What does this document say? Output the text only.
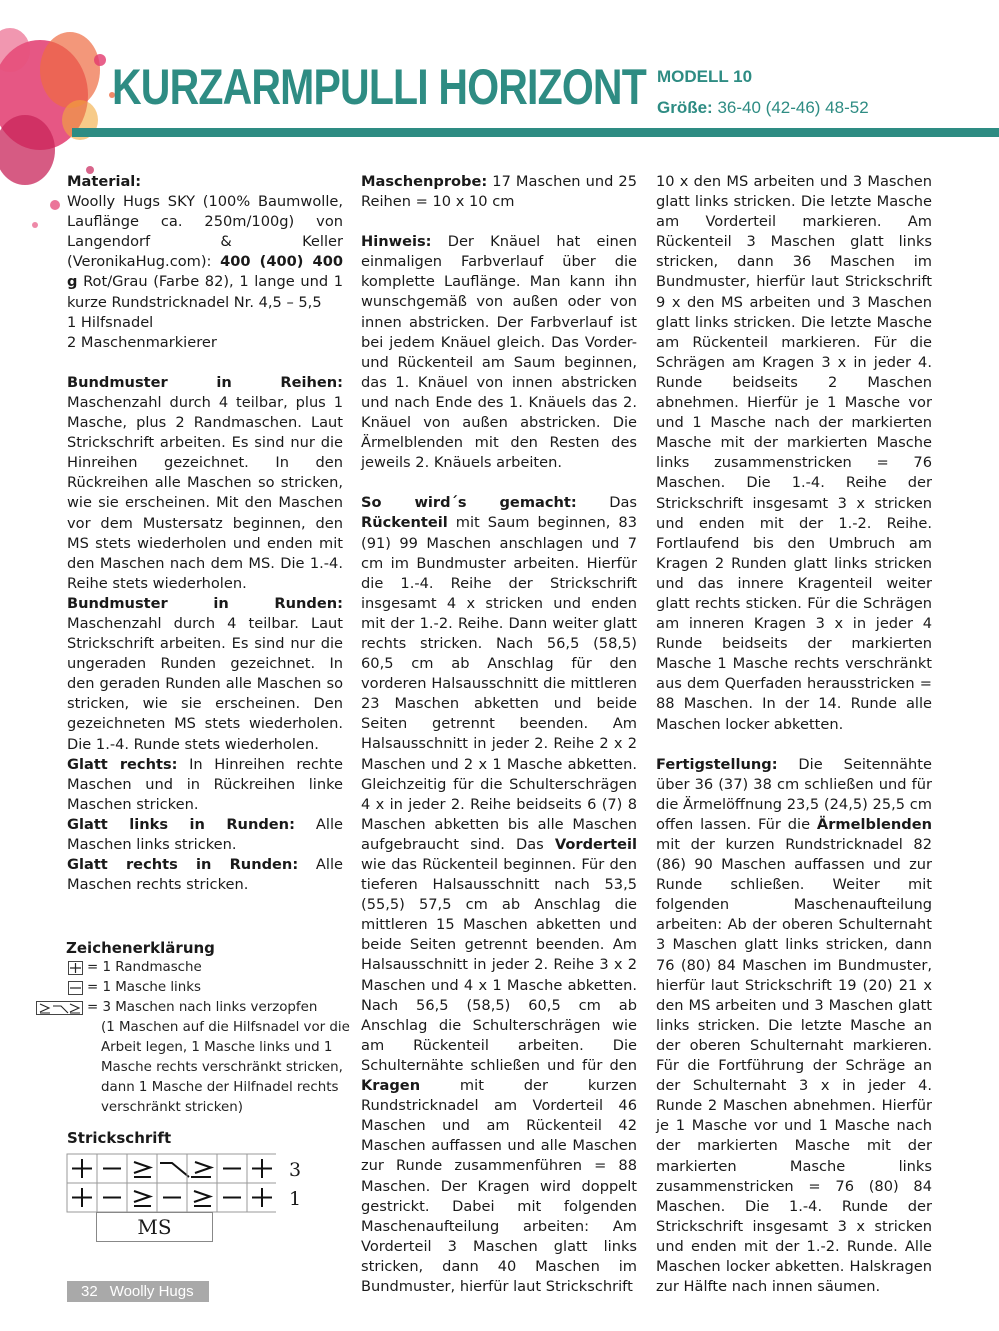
KURZARMPULLI HORIZONT MODELL 10
Größe: 36-40 (42-46) 48-52

Material:

Woolly Hugs SKY (100% Baumwolle, Lauflänge ca. 250m/100g) von Langendorf & Keller (VeronikaHug.com): 400 (400) 400 g Rot/Grau (Farbe 82), 1 lange und 1 kurze Rundstricknadel Nr. 4,5 – 5,5

1 Hilfsnadel

2 Maschenmarkierer

Bundmuster in Reihen: Maschenzahl durch 4 teilbar, plus 1 Masche, plus 2 Randmaschen. Laut Strickschrift arbeiten. Es sind nur die Hinreihen gezeichnet. In den Rückreihen alle Maschen so stricken, wie sie erscheinen. Mit den Maschen vor dem Mustersatz beginnen, den MS stets wiederholen und enden mit den Maschen nach dem MS. Die 1.-4. Reihe stets wiederholen.

Bundmuster in Runden: Maschenzahl durch 4 teilbar. Laut Strickschrift arbeiten. Es sind nur die ungeraden Runden gezeichnet. In den geraden Runden alle Maschen so stricken, wie sie erscheinen. Den gezeichneten MS stets wiederholen. Die 1.-4. Runde stets wiederholen.

Glatt rechts: In Hinreihen rechte Maschen und in Rückreihen linke Maschen stricken.

Glatt links in Runden: Alle Maschen links stricken.

Glatt rechts in Runden: Alle Maschen rechts stricken.

Zeichenerklärung
= 1 Randmasche
= 1 Masche links
= 3 Maschen nach links verzopfen
(1 Maschen auf die Hilfsnadel vor die Arbeit legen, 1 Masche links und 1 Masche rechts verschränkt stricken, dann 1 Masche der Hilfnadel rechts verschränkt stricken)
Strickschrift
3
1
MS

Maschenprobe: 17 Maschen und 25 Reihen = 10 x 10 cm

Hinweis: Der Knäuel hat einen einmaligen Farbverlauf über die komplette Lauflänge. Man kann ihn wunschgemäß von außen oder von innen abstricken. Der Farbverlauf ist bei jedem Knäuel gleich. Das Vorder- und Rückenteil am Saum beginnen, das 1. Knäuel von innen abstricken und nach Ende des 1. Knäuels das 2. Knäuel von außen abstricken. Die Ärmelblenden mit den Resten des jeweils 2. Knäuels arbeiten.

So wird´s gemacht: Das Rückenteil mit Saum beginnen, 83 (91) 99 Maschen anschlagen und 7 cm im Bundmuster arbeiten. Hierfür die 1.-4. Reihe der Strickschrift insgesamt 4 x stricken und enden mit der 1.-2. Reihe. Dann weiter glatt rechts stricken. Nach 56,5 (58,5) 60,5 cm ab Anschlag für den vorderen Halsausschnitt die mittleren 23 Maschen abketten und beide Seiten getrennt beenden. Am Halsausschnitt in jeder 2. Reihe 2 x 2 Maschen und 2 x 1 Masche abketten. Gleichzeitig für die Schulterschrägen 4 x in jeder 2. Reihe beidseits 6 (7) 8 Maschen abketten bis alle Maschen aufgebraucht sind. Das Vorderteil wie das Rückenteil beginnen. Für den tieferen Halsausschnitt nach 53,5 (55,5) 57,5 cm ab Anschlag die mittleren 15 Maschen abketten und beide Seiten getrennt beenden. Am Halsausschnitt in jeder 2. Reihe 3 x 2 Maschen und 4 x 1 Masche abketten. Nach 56,5 (58,5) 60,5 cm ab Anschlag die Schulterschrägen wie am Rückenteil arbeiten. Die Schulternähte schließen und für den Kragen mit der kurzen Rundstricknadel am Vorderteil 46 Maschen und am Rückenteil 42 Maschen auffassen und alle Maschen zur Runde zusammenführen = 88 Maschen. Der Kragen wird doppelt gestrickt. Dabei mit folgenden Maschenaufteilung arbeiten: Am Vorderteil 3 Maschen glatt links stricken, dann 40 Maschen im Bundmuster, hierfür laut Strickschrift

10 x den MS arbeiten und 3 Maschen glatt links stricken. Die letzte Masche am Vorderteil markieren. Am Rückenteil 3 Maschen glatt links stricken, dann 36 Maschen im Bundmuster, hierfür laut Strickschrift 9 x den MS arbeiten und 3 Maschen glatt links stricken. Die letzte Masche am Rückenteil markieren. Für die Schrägen am Kragen 3 x in jeder 4. Runde beidseits 2 Maschen abnehmen. Hierfür je 1 Masche vor und 1 Masche nach der markierten Masche mit der markierten Masche links zusammenstricken = 76 Maschen. Die 1.-4. Reihe der Strickschrift insgesamt 3 x stricken und enden mit der 1.-2. Reihe. Fortlaufend bis den Umbruch am Kragen 2 Runden glatt links stricken und das innere Kragenteil weiter glatt rechts sticken. Für die Schrägen am inneren Kragen 3 x in jeder 4 Runde beidseits der markierten Masche 1 Masche rechts verschränkt aus dem Querfaden herausstricken = 88 Maschen. In der 14. Runde alle Maschen locker abketten.

Fertigstellung: Die Seitennähte über 36 (37) 38 cm schließen und für die Ärmelöffnung 23,5 (24,5) 25,5 cm offen lassen. Für die Ärmelblenden mit der kurzen Rundstricknadel 82 (86) 90 Maschen auffassen und zur Runde schließen. Weiter mit folgenden Maschenaufteilung arbeiten: Ab der oberen Schulternaht 3 Maschen glatt links stricken, dann 76 (80) 84 Maschen im Bundmuster, hierfür laut Strickschrift 19 (20) 21 x den MS arbeiten und 3 Maschen glatt links stricken. Die letzte Masche an der oberen Schulternaht markieren. Für die Fortführung der Schräge an der Schulternaht 3 x in jeder 4. Runde 2 Maschen abnehmen. Hierfür je 1 Masche vor und 1 Masche nach der markierten Masche mit der markierten Masche links zusammenstricken = 76 (80) 84 Maschen. Die 1.-4. Runde der Strickschrift insgesamt 3 x stricken und enden mit der 1.-2. Runde. Alle Maschen locker abketten. Halskragen zur Hälfte nach innen säumen.

32 Woolly Hugs
